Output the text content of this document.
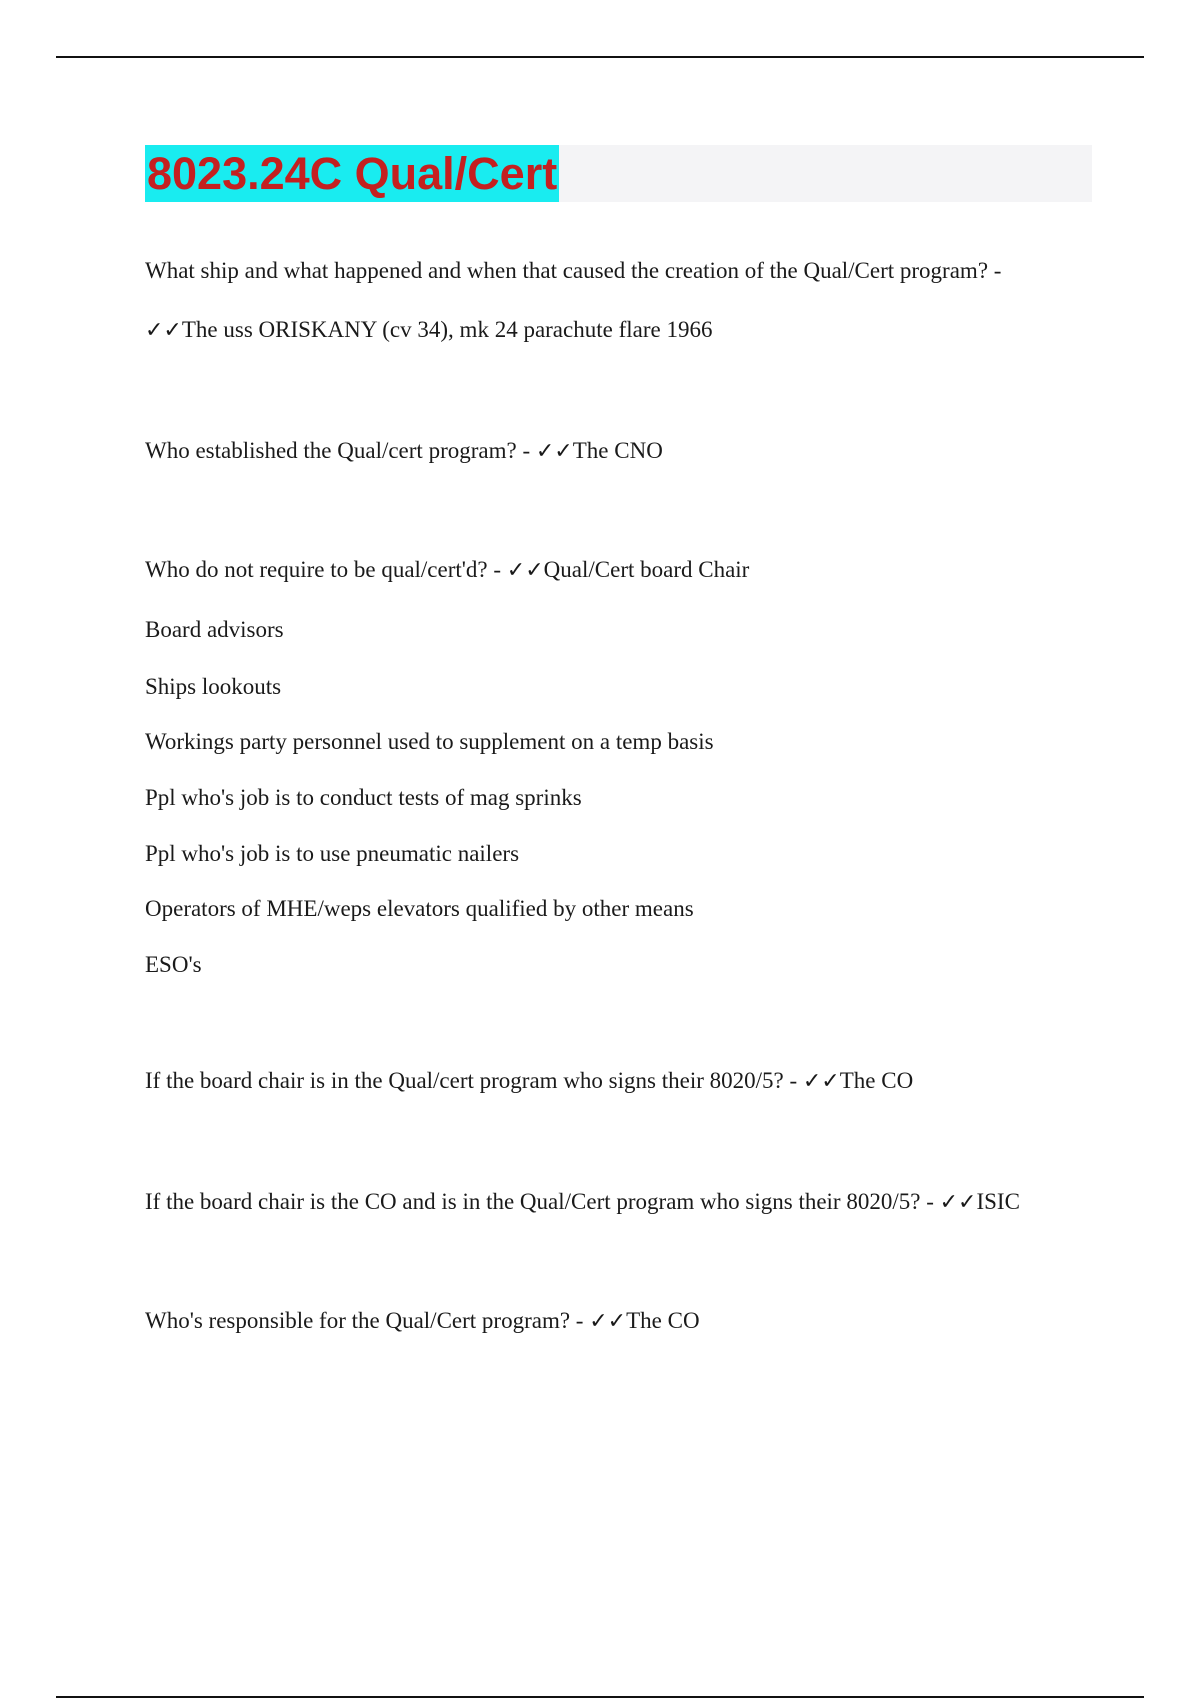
8023.24C Qual/Cert
What ship and what happened and when that caused the creation of the Qual/Cert program? -
✓✓The uss ORISKANY (cv 34), mk 24 parachute flare 1966
Who established the Qual/cert program? - ✓✓The CNO
Who do not require to be qual/cert'd? - ✓✓Qual/Cert board Chair
Board advisors
Ships lookouts
Workings party personnel used to supplement on a temp basis
Ppl who's job is to conduct tests of mag sprinks
Ppl who's job is to use pneumatic nailers
Operators of MHE/weps elevators qualified by other means
ESO's
If the board chair is in the Qual/cert program who signs their 8020/5? - ✓✓The CO
If the board chair is the CO and is in the Qual/Cert program who signs their 8020/5? - ✓✓ISIC
Who's responsible for the Qual/Cert program? - ✓✓The CO
